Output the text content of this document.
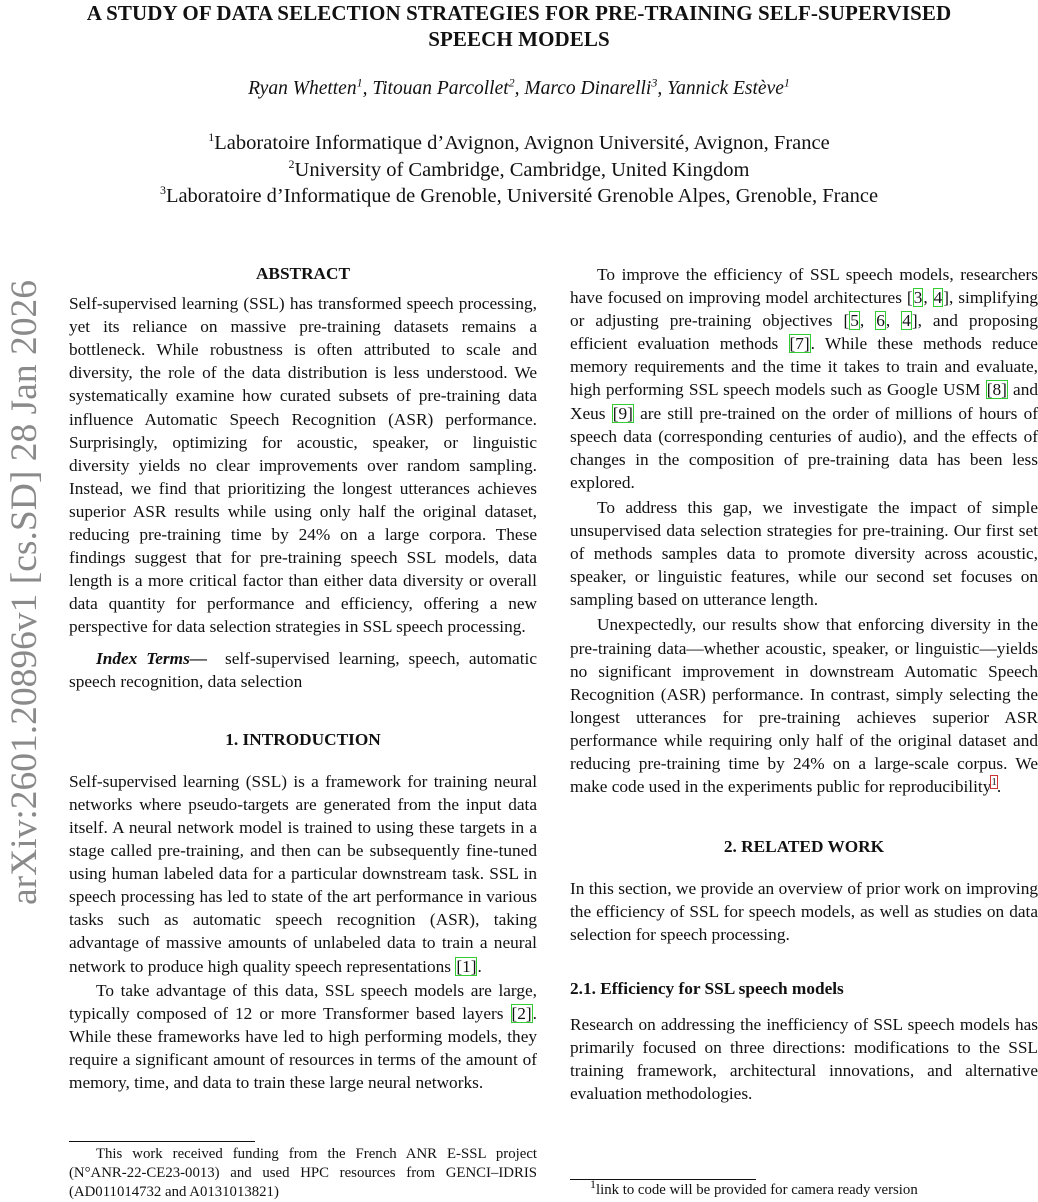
A STUDY OF DATA SELECTION STRATEGIES FOR PRE-TRAINING SELF-SUPERVISED
SPEECH MODELS
Ryan Whetten$^1$, Titouan Parcollet$^2$, Marco Dinarelli$^3$, Yannick Estève$^1$
$^1$Laboratoire Informatique d’Avignon, Avignon Université, Avignon, France
$^2$University of Cambridge, Cambridge, United Kingdom
$^3$Laboratoire d’Informatique de Grenoble, Université Grenoble Alpes, Grenoble, France
arXiv:2601.20896v1 [cs.SD] 28 Jan 2026
ABSTRACT

Self-supervised learning (SSL) has transformed speech processing, yet its reliance on massive pre-training datasets remains a bottleneck. While robustness is often attributed to scale and diversity, the role of the data distribution is less understood. We systematically examine how curated subsets of pre-training data influence Automatic Speech Recognition (ASR) performance. Surprisingly, optimizing for acoustic, speaker, or linguistic diversity yields no clear improvements over random sampling. Instead, we find that prioritizing the longest utterances achieves superior ASR results while using only half the original dataset, reducing pre-training time by 24% on a large corpora. These findings suggest that for pre-training speech SSL models, data length is a more critical factor than either data diversity or overall data quantity for performance and efficiency, offering a new perspective for data selection strategies in SSL speech processing.

Index Terms— self-supervised learning, speech, automatic speech recognition, data selection

1. INTRODUCTION

Self-supervised learning (SSL) is a framework for training neural networks where pseudo-targets are generated from the input data itself. A neural network model is trained to using these targets in a stage called pre-training, and then can be subsequently fine-tuned using human labeled data for a particular downstream task. SSL in speech processing has led to state of the art performance in various tasks such as automatic speech recognition (ASR), taking advantage of massive amounts of unlabeled data to train a neural network to produce high quality speech representations [1].

To take advantage of this data, SSL speech models are large, typically composed of 12 or more Transformer based layers [2]. While these frameworks have led to high performing models, they require a significant amount of resources in terms of the amount of memory, time, and data to train these large neural networks.

This work received funding from the French ANR E-SSL project (N°ANR-22-CE23-0013) and used HPC resources from GENCI–IDRIS (AD011014732 and A0131013821)

To improve the efficiency of SSL speech models, researchers have focused on improving model architectures [3, 4], simplifying or adjusting pre-training objectives [5, 6, 4], and proposing efficient evaluation methods [7]. While these methods reduce memory requirements and the time it takes to train and evaluate, high performing SSL speech models such as Google USM [8] and Xeus [9] are still pre-trained on the order of millions of hours of speech data (corresponding centuries of audio), and the effects of changes in the composition of pre-training data has been less explored.

To address this gap, we investigate the impact of simple unsupervised data selection strategies for pre-training. Our first set of methods samples data to promote diversity across acoustic, speaker, or linguistic features, while our second set focuses on sampling based on utterance length.

Unexpectedly, our results show that enforcing diversity in the pre-training data—whether acoustic, speaker, or linguistic—yields no significant improvement in downstream Automatic Speech Recognition (ASR) performance. In contrast, simply selecting the longest utterances for pre-training achieves superior ASR performance while requiring only half of the original dataset and reducing pre-training time by 24% on a large-scale corpus. We make code used in the experiments public for reproducibility$^1$.

2. RELATED WORK

In this section, we provide an overview of prior work on improving the efficiency of SSL for speech models, as well as studies on data selection for speech processing.

2.1. Efficiency for SSL speech models

Research on addressing the inefficiency of SSL speech models has primarily focused on three directions: modifications to the SSL training framework, architectural innovations, and alternative evaluation methodologies.

$^1$link to code will be provided for camera ready version
